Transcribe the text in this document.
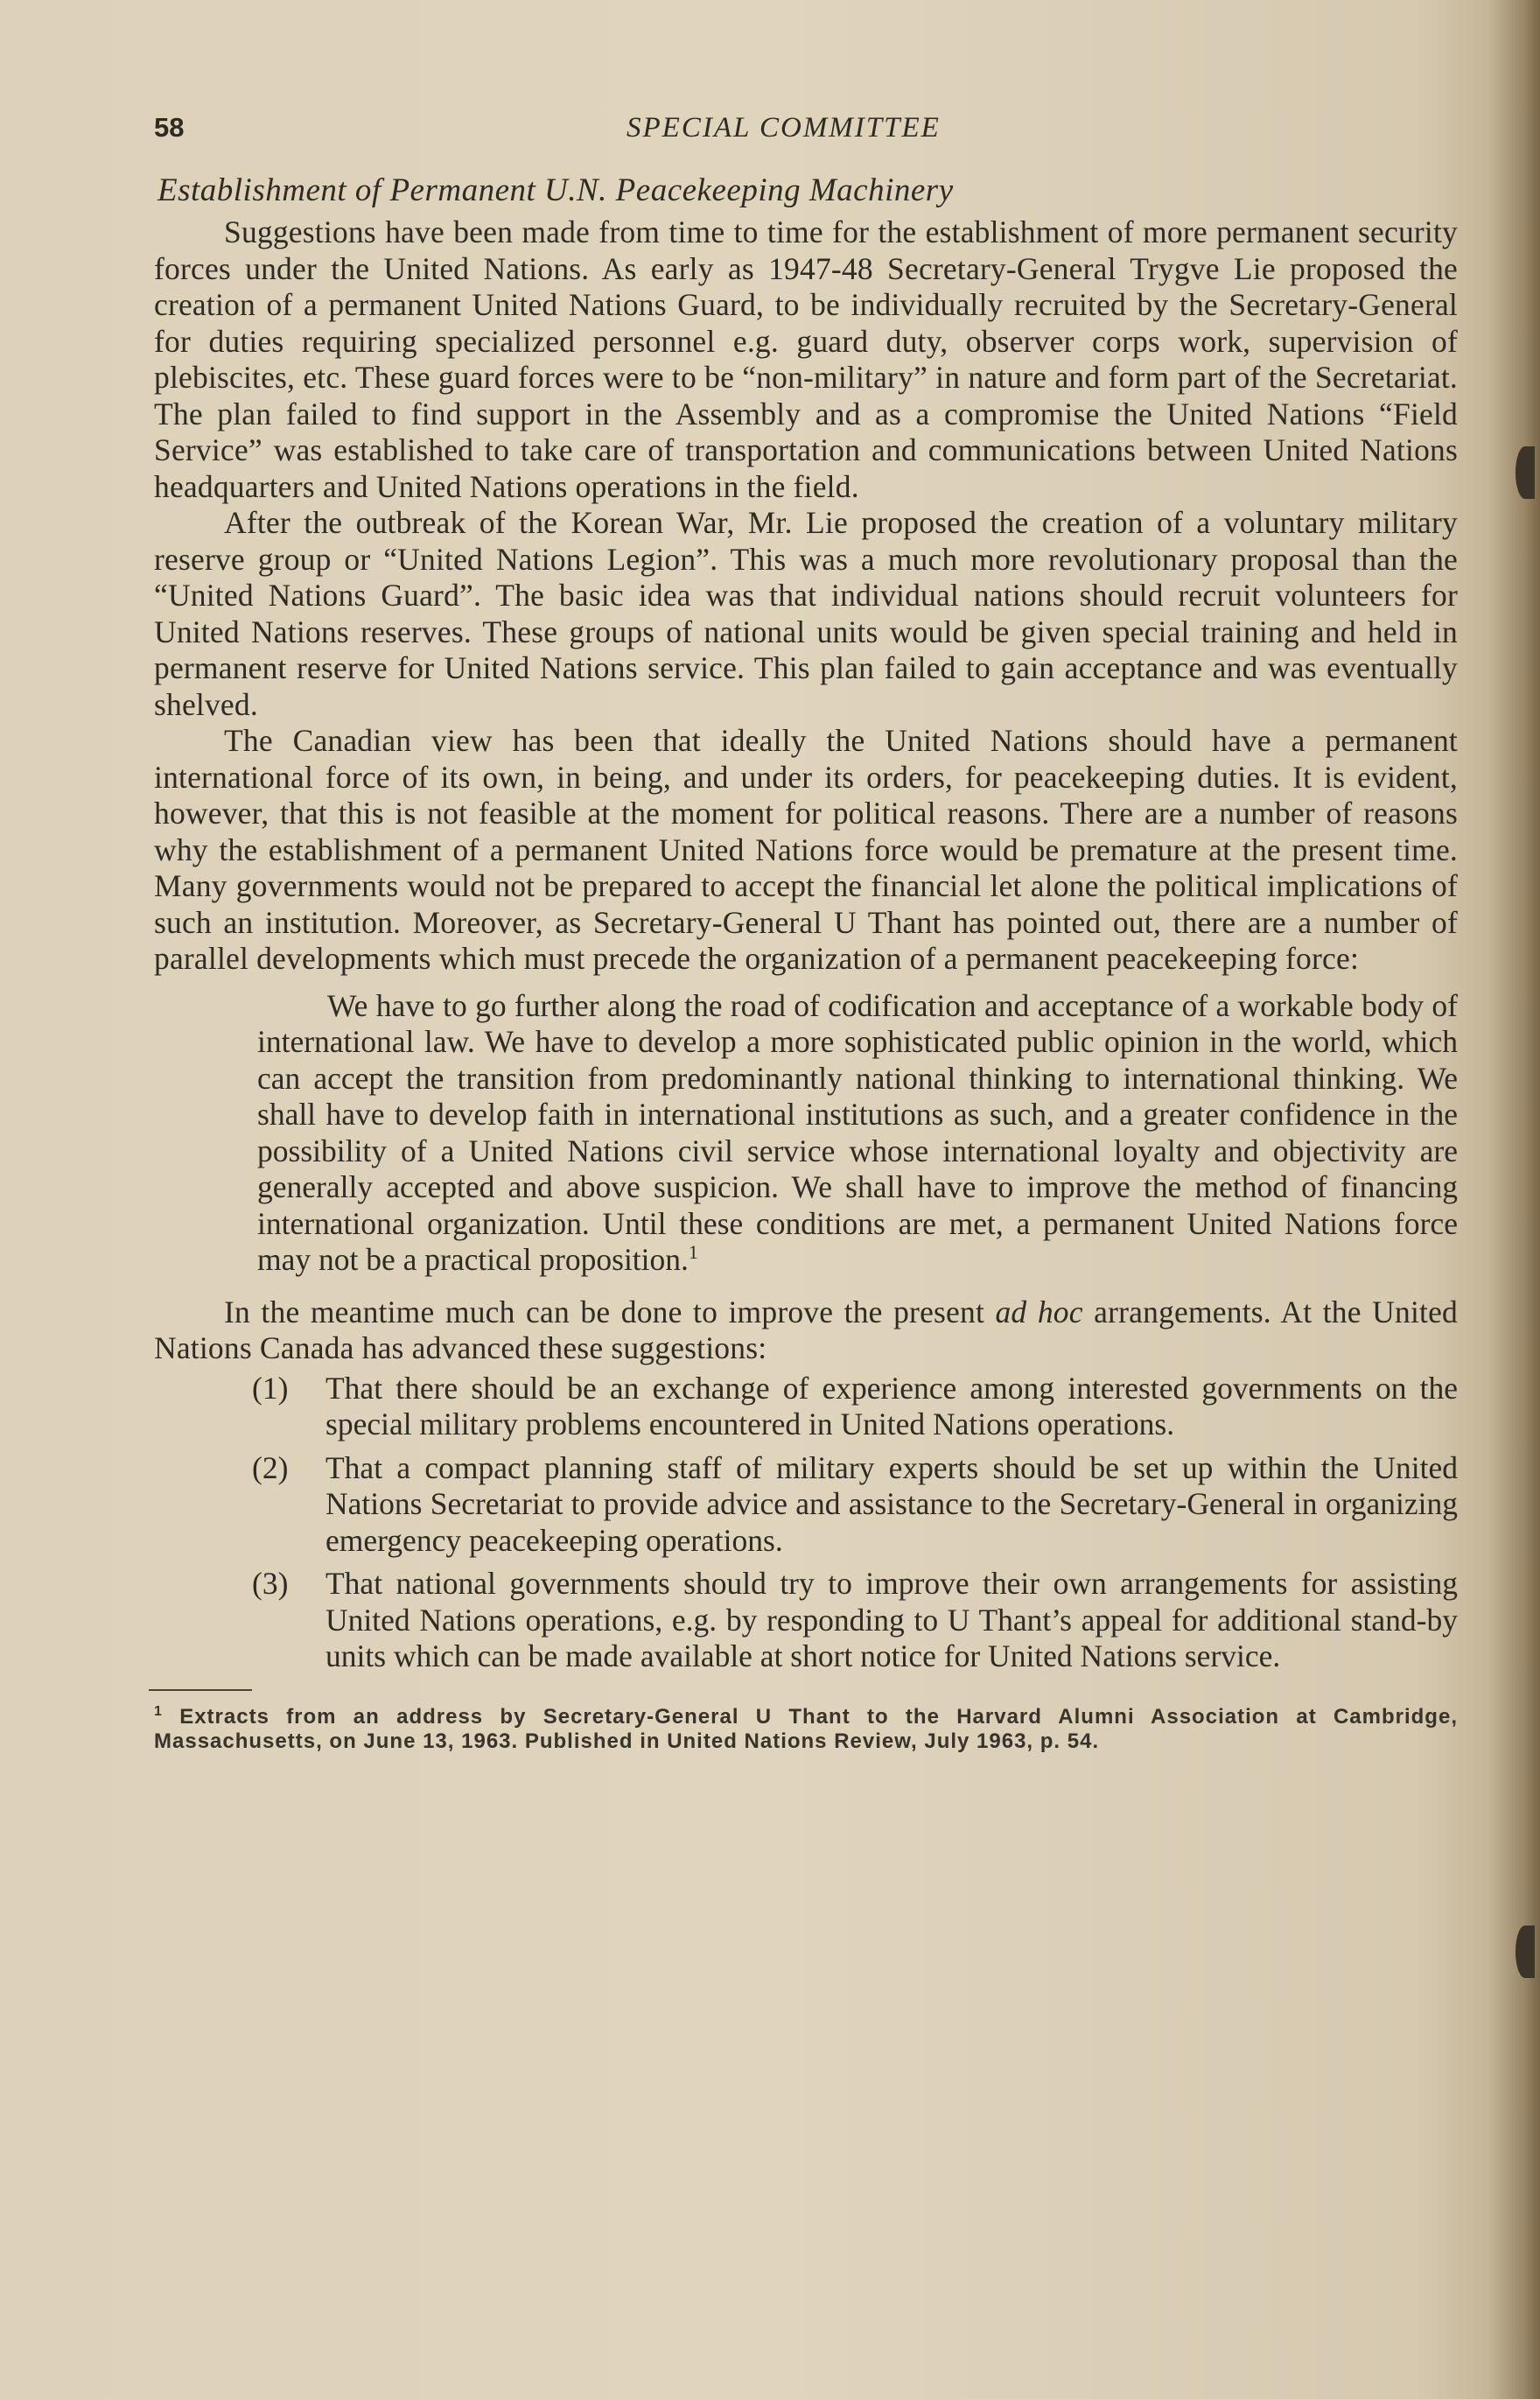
58	SPECIAL COMMITTEE
Establishment of Permanent U.N. Peacekeeping Machinery

Suggestions have been made from time to time for the establishment of more permanent security forces under the United Nations. As early as 1947-48 Secretary-General Trygve Lie proposed the creation of a permanent United Nations Guard, to be individually recruited by the Secretary-General for duties requiring specialized personnel e.g. guard duty, observer corps work, supervision of plebiscites, etc. These guard forces were to be “non-military” in nature and form part of the Secretariat. The plan failed to find support in the Assembly and as a compromise the United Nations “Field Service” was established to take care of transportation and communications between United Nations headquarters and United Nations operations in the field.

After the outbreak of the Korean War, Mr. Lie proposed the creation of a voluntary military reserve group or “United Nations Legion”. This was a much more revolutionary proposal than the “United Nations Guard”. The basic idea was that individual nations should recruit volunteers for United Nations reserves. These groups of national units would be given special training and held in permanent reserve for United Nations service. This plan failed to gain acceptance and was eventually shelved.

The Canadian view has been that ideally the United Nations should have a permanent international force of its own, in being, and under its orders, for peacekeeping duties. It is evident, however, that this is not feasible at the moment for political reasons. There are a number of reasons why the establishment of a permanent United Nations force would be premature at the present time. Many governments would not be prepared to accept the financial let alone the political implications of such an institution. Moreover, as Secretary-General U Thant has pointed out, there are a number of parallel developments which must precede the organization of a permanent peacekeeping force:

We have to go further along the road of codification and acceptance of a workable body of international law. We have to develop a more sophisticated public opinion in the world, which can accept the transition from predominantly national thinking to international thinking. We shall have to develop faith in international institutions as such, and a greater confidence in the possibility of a United Nations civil service whose international loyalty and objectivity are generally accepted and above suspicion. We shall have to improve the method of financing international organization. Until these conditions are met, a permanent United Nations force may not be a practical proposition.$^1$

In the meantime much can be done to improve the present ad hoc arrangements. At the United Nations Canada has advanced these suggestions:

(1) That there should be an exchange of experience among interested governments on the special military problems encountered in United Nations operations.
(2) That a compact planning staff of military experts should be set up within the United Nations Secretariat to provide advice and assistance to the Secretary-General in organizing emergency peacekeeping operations.
(3) That national governments should try to improve their own arrangements for assisting United Nations operations, e.g. by responding to U Thant’s appeal for additional stand-by units which can be made available at short notice for United Nations service.
$^1$ Extracts from an address by Secretary-General U Thant to the Harvard Alumni Association at Cambridge, Massachusetts, on June 13, 1963. Published in United Nations Review, July 1963, p. 54.
